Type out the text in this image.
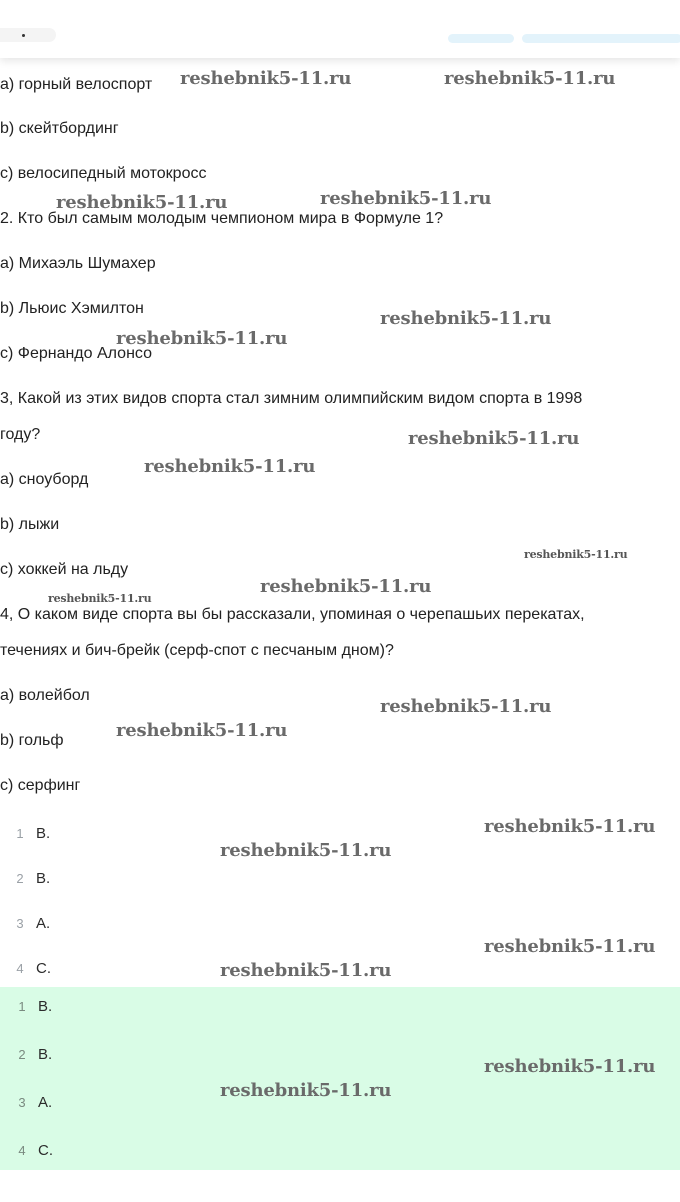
a) горный велоспорт
b) скейтбординг
c) велосипедный мотокросс
2. Кто был самым молодым чемпионом мира в Формуле 1?
a) Михаэль Шумахер
b) Льюис Хэмилтон
c) Фернандо Алонсо
3, Какой из этих видов спорта стал зимним олимпийским видом спорта в 1998
году?
a) сноуборд
b) лыжи
c) хоккей на льду
4, О каком виде спорта вы бы рассказали, упоминая о черепашьих перекатах,
течениях и бич-брейк (серф-спот с песчаным дном)?
a) волейбол
b) гольф
c) серфинг
1 B.
2 B.
3 A.
4 C.
1 B.
2 B.
3 A.
4 C.
reshebnik5-11.ru	reshebnik5-11.ru
reshebnik5-11.ru	reshebnik5-11.ru
reshebnik5-11.ru
reshebnik5-11.ru
reshebnik5-11.ru
reshebnik5-11.ru
reshebnik5-11.ru
reshebnik5-11.ru
reshebnik5-11.ru
reshebnik5-11.ru
reshebnik5-11.ru
reshebnik5-11.ru
reshebnik5-11.ru
reshebnik5-11.ru
reshebnik5-11.ru
reshebnik5-11.ru
reshebnik5-11.ru
